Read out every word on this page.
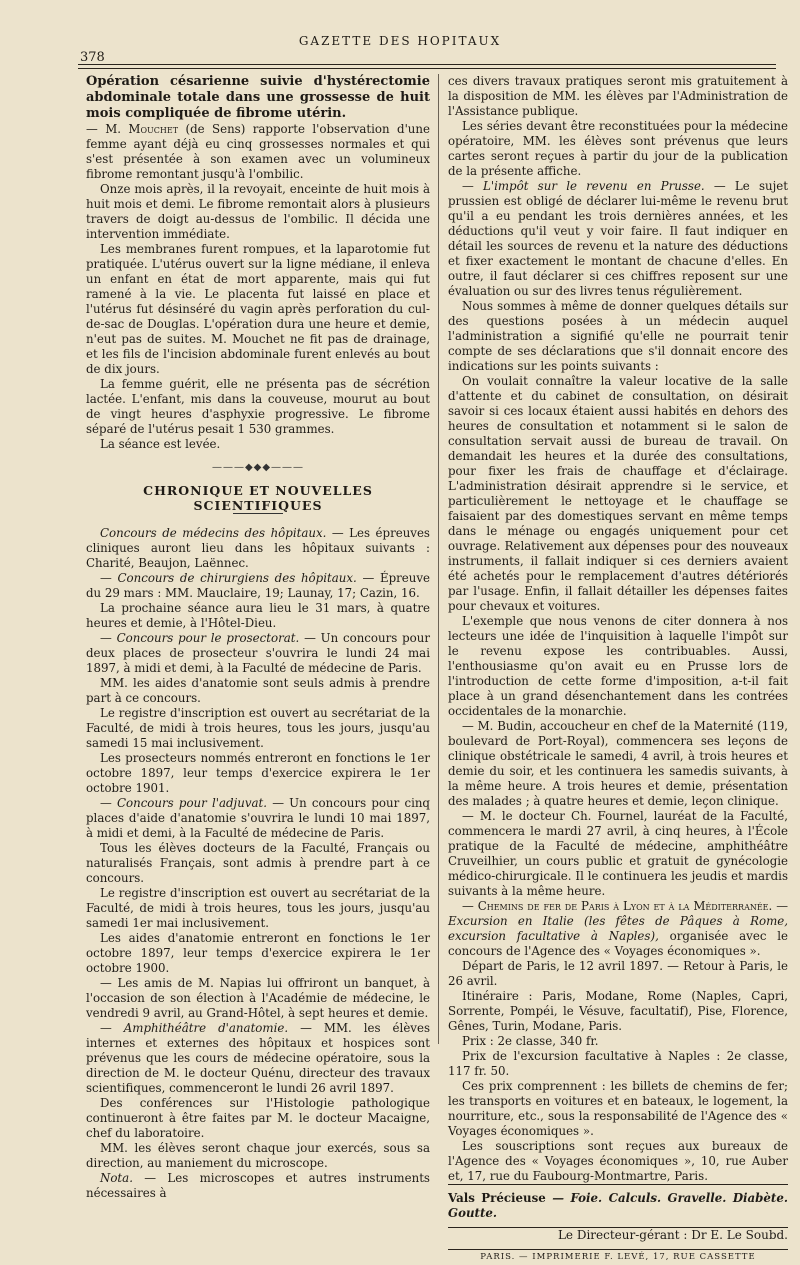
GAZETTE DES HOPITAUX
378

Opération césarienne suivie d'hystérectomie abdominale totale dans une grossesse de huit mois compliquée de fibrome utérin.

— M. Mouchet (de Sens) rapporte l'observation d'une femme ayant déjà eu cinq grossesses normales et qui s'est présentée à son examen avec un volumineux fibrome remontant jusqu'à l'ombilic.

Onze mois après, il la revoyait, enceinte de huit mois à huit mois et demi. Le fibrome remontait alors à plusieurs travers de doigt au-dessus de l'ombilic. Il décida une intervention immédiate.

Les membranes furent rompues, et la laparotomie fut pratiquée. L'utérus ouvert sur la ligne médiane, il enleva un enfant en état de mort apparente, mais qui fut ramené à la vie. Le placenta fut laissé en place et l'utérus fut désinséré du vagin après perforation du cul-de-sac de Douglas. L'opération dura une heure et demie, n'eut pas de suites. M. Mouchet ne fit pas de drainage, et les fils de l'incision abdominale furent enlevés au bout de dix jours.

La femme guérit, elle ne présenta pas de sécrétion lactée. L'enfant, mis dans la couveuse, mourut au bout de vingt heures d'asphyxie progressive. Le fibrome séparé de l'utérus pesait 1 530 grammes.

La séance est levée.

———◆◆◆———

CHRONIQUE ET NOUVELLES SCIENTIFIQUES

Concours de médecins des hôpitaux. — Les épreuves cliniques auront lieu dans les hôpitaux suivants : Charité, Beaujon, Laënnec.

— Concours de chirurgiens des hôpitaux. — Épreuve du 29 mars : MM. Mauclaire, 19; Launay, 17; Cazin, 16.

La prochaine séance aura lieu le 31 mars, à quatre heures et demie, à l'Hôtel-Dieu.

— Concours pour le prosectorat. — Un concours pour deux places de prosecteur s'ouvrira le lundi 24 mai 1897, à midi et demi, à la Faculté de médecine de Paris.

MM. les aides d'anatomie sont seuls admis à prendre part à ce concours.

Le registre d'inscription est ouvert au secrétariat de la Faculté, de midi à trois heures, tous les jours, jusqu'au samedi 15 mai inclusivement.

Les prosecteurs nommés entreront en fonctions le 1er octobre 1897, leur temps d'exercice expirera le 1er octobre 1901.

— Concours pour l'adjuvat. — Un concours pour cinq places d'aide d'anatomie s'ouvrira le lundi 10 mai 1897, à midi et demi, à la Faculté de médecine de Paris.

Tous les élèves docteurs de la Faculté, Français ou naturalisés Français, sont admis à prendre part à ce concours.

Le registre d'inscription est ouvert au secrétariat de la Faculté, de midi à trois heures, tous les jours, jusqu'au samedi 1er mai inclusivement.

Les aides d'anatomie entreront en fonctions le 1er octobre 1897, leur temps d'exercice expirera le 1er octobre 1900.

— Les amis de M. Napias lui offriront un banquet, à l'occasion de son élection à l'Académie de médecine, le vendredi 9 avril, au Grand-Hôtel, à sept heures et demie.

— Amphithéâtre d'anatomie. — MM. les élèves internes et externes des hôpitaux et hospices sont prévenus que les cours de médecine opératoire, sous la direction de M. le docteur Quénu, directeur des travaux scientifiques, commenceront le lundi 26 avril 1897.

Des conférences sur l'Histologie pathologique continueront à être faites par M. le docteur Macaigne, chef du laboratoire.

MM. les élèves seront chaque jour exercés, sous sa direction, au maniement du microscope.

Nota. — Les microscopes et autres instruments nécessaires à

ces divers travaux pratiques seront mis gratuitement à la disposition de MM. les élèves par l'Administration de l'Assistance publique.

Les séries devant être reconstituées pour la médecine opératoire, MM. les élèves sont prévenus que leurs cartes seront reçues à partir du jour de la publication de la présente affiche.

— L'impôt sur le revenu en Prusse. — Le sujet prussien est obligé de déclarer lui-même le revenu brut qu'il a eu pendant les trois dernières années, et les déductions qu'il veut y voir faire. Il faut indiquer en détail les sources de revenu et la nature des déductions et fixer exactement le montant de chacune d'elles. En outre, il faut déclarer si ces chiffres reposent sur une évaluation ou sur des livres tenus régulièrement.

Nous sommes à même de donner quelques détails sur des questions posées à un médecin auquel l'administration a signifié qu'elle ne pourrait tenir compte de ses déclarations que s'il donnait encore des indications sur les points suivants :

On voulait connaître la valeur locative de la salle d'attente et du cabinet de consultation, on désirait savoir si ces locaux étaient aussi habités en dehors des heures de consultation et notamment si le salon de consultation servait aussi de bureau de travail. On demandait les heures et la durée des consultations, pour fixer les frais de chauffage et d'éclairage. L'administration désirait apprendre si le service, et particulièrement le nettoyage et le chauffage se faisaient par des domestiques servant en même temps dans le ménage ou engagés uniquement pour cet ouvrage. Relativement aux dépenses pour des nouveaux instruments, il fallait indiquer si ces derniers avaient été achetés pour le remplacement d'autres détériorés par l'usage. Enfin, il fallait détailler les dépenses faites pour chevaux et voitures.

L'exemple que nous venons de citer donnera à nos lecteurs une idée de l'inquisition à laquelle l'impôt sur le revenu expose les contribuables. Aussi, l'enthousiasme qu'on avait eu en Prusse lors de l'introduction de cette forme d'imposition, a-t-il fait place à un grand désenchantement dans les contrées occidentales de la monarchie.

— M. Budin, accoucheur en chef de la Maternité (119, boulevard de Port-Royal), commencera ses leçons de clinique obstétricale le samedi, 4 avril, à trois heures et demie du soir, et les continuera les samedis suivants, à la même heure. A trois heures et demie, présentation des malades ; à quatre heures et demie, leçon clinique.

— M. le docteur Ch. Fournel, lauréat de la Faculté, commencera le mardi 27 avril, à cinq heures, à l'École pratique de la Faculté de médecine, amphithéâtre Cruveilhier, un cours public et gratuit de gynécologie médico-chirurgicale. Il le continuera les jeudis et mardis suivants à la même heure.

— Chemins de fer de Paris à Lyon et à la Méditerranée. — Excursion en Italie (les fêtes de Pâques à Rome, excursion facultative à Naples), organisée avec le concours de l'Agence des « Voyages économiques ».

Départ de Paris, le 12 avril 1897. — Retour à Paris, le 26 avril.

Itinéraire : Paris, Modane, Rome (Naples, Capri, Sorrente, Pompéi, le Vésuve, facultatif), Pise, Florence, Gênes, Turin, Modane, Paris.

Prix : 2e classe, 340 fr.

Prix de l'excursion facultative à Naples : 2e classe, 117 fr. 50.

Ces prix comprennent : les billets de chemins de fer; les transports en voitures et en bateaux, le logement, la nourriture, etc., sous la responsabilité de l'Agence des « Voyages économiques ».

Les souscriptions sont reçues aux bureaux de l'Agence des « Voyages économiques », 10, rue Auber et, 17, rue du Faubourg-Montmartre, Paris.

Vals Précieuse — Foie. Calculs. Gravelle. Diabète. Goutte.

Le Directeur-gérant : Dr E. Le Soubd.

PARIS. — IMPRIMERIE F. LEVÉ, 17, RUE CASSETTE
